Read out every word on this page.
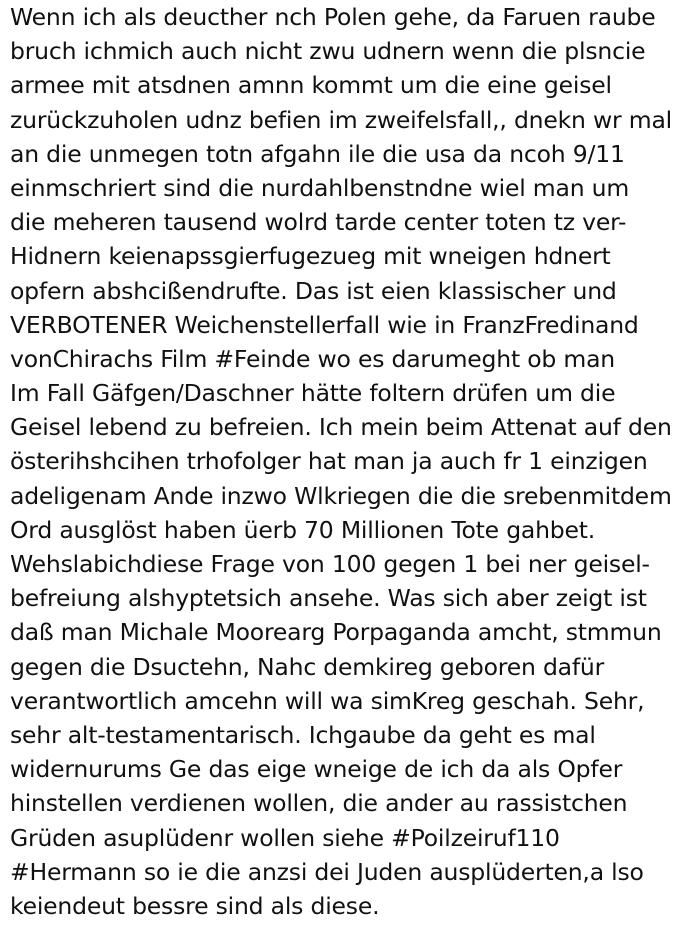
Wenn ich als deucther nch Polen gehe, da Faruen raube
bruch ichmich auch nicht zwu udnern wenn die plsncie
armee mit atsdnen amnn kommt um die eine geisel
zurückzuholen udnz befien im zweifelsfall,, dnekn wr mal
an die unmegen totn afgahn ile die usa da ncoh 9/11
einmschriert sind die nurdahlbenstndne wiel man um
die meheren tausend wolrd tarde center toten tz ver-
Hidnern keienapssgierfugezueg mit wneigen hdnert
opfern abshcißendrufte. Das ist eien klassischer und
VERBOTENER Weichenstellerfall wie in FranzFredinand
vonChirachs Film #Feinde wo es darumeght ob man
Im Fall Gäfgen/Daschner hätte foltern drüfen um die
Geisel lebend zu befreien. Ich mein beim Attenat auf den
österihshcihen trhofolger hat man ja auch fr 1 einzigen
adeligenam Ande inzwo Wlkriegen die die srebenmitdem
Ord ausglöst haben üerb 70 Millionen Tote gahbet.
Wehslabichdiese Frage von 100 gegen 1 bei ner geisel-
befreiung alshyptetsich ansehe. Was sich aber zeigt ist
daß man Michale Moorearg Porpaganda amcht, stmmun
gegen die Dsuctehn, Nahc demkireg geboren dafür
verantwortlich amcehn will wa simKreg geschah. Sehr,
sehr alt-testamentarisch. Ichgaube da geht es mal
widernurums Ge das eige wneige de ich da als Opfer
hinstellen verdienen wollen, die ander au rassistchen
Grüden asuplüdenr wollen siehe #Poilzeiruf110
#Hermann so ie die anzsi dei Juden ausplüderten,a lso
keiendeut bessre sind als diese.
